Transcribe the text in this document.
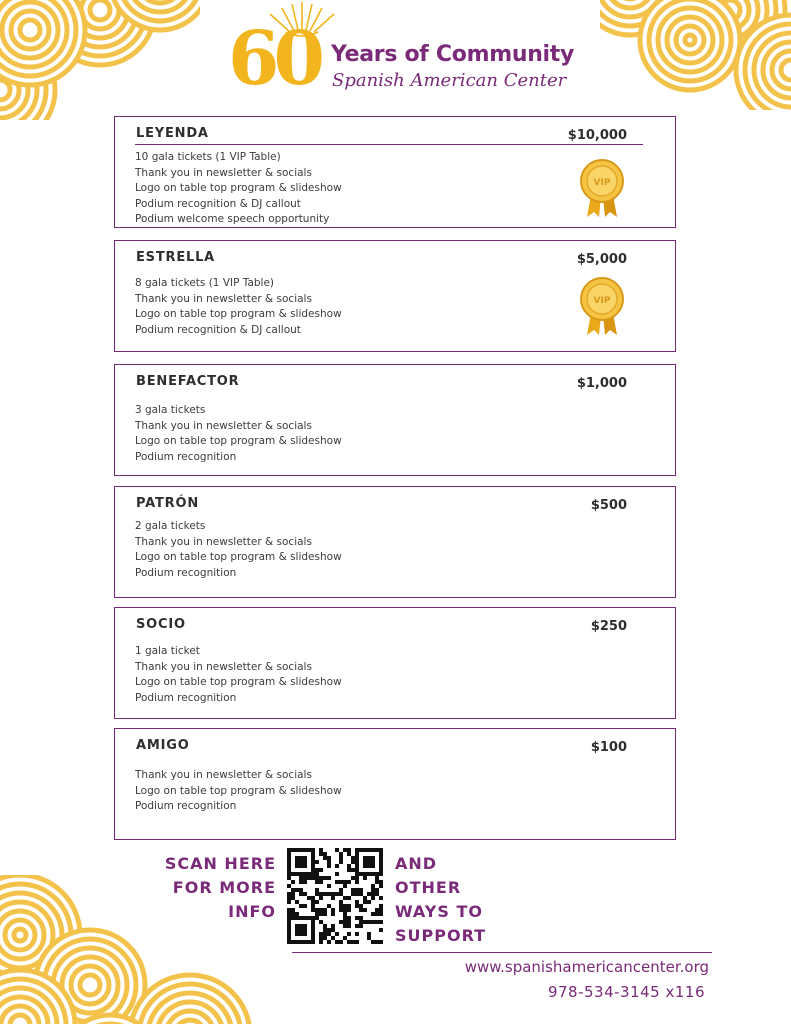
60 Years of Community
Spanish American Center
LEYENDA	$10,000
10 gala tickets (1 VIP Table)
Thank you in newsletter & socials
Logo on table top program & slideshow
Podium recognition & DJ callout
Podium welcome speech opportunity
VIP
ESTRELLA	$5,000
8 gala tickets (1 VIP Table)
Thank you in newsletter & socials
Logo on table top program & slideshow
Podium recognition & DJ callout
VIP
BENEFACTOR	$1,000
3 gala tickets
Thank you in newsletter & socials
Logo on table top program & slideshow
Podium recognition
PATRÓN	$500
2 gala tickets
Thank you in newsletter & socials
Logo on table top program & slideshow
Podium recognition
SOCIO	$250
1 gala ticket
Thank you in newsletter & socials
Logo on table top program & slideshow
Podium recognition
AMIGO	$100
Thank you in newsletter & socials
Logo on table top program & slideshow
Podium recognition
SCAN HERE
FOR MORE
INFO
AND
OTHER
WAYS TO
SUPPORT
www.spanishamericancenter.org
978-534-3145 x116
